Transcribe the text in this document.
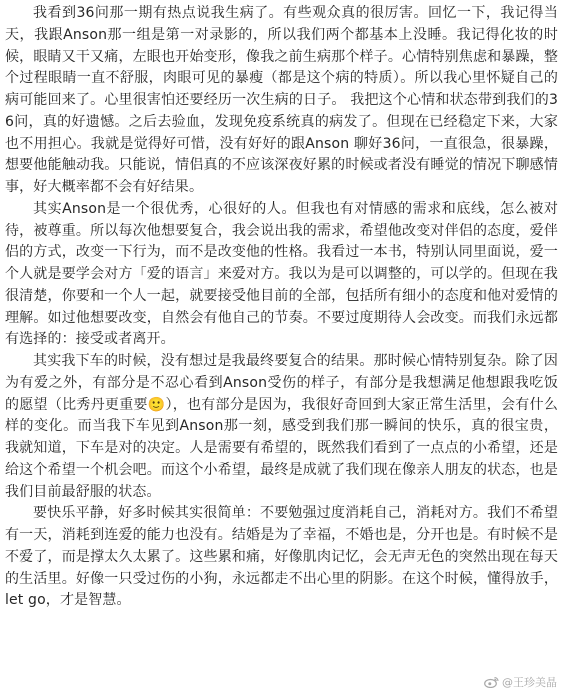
我看到36问那一期有热点说我生病了。有些观众真的很厉害。回忆一下，我记得当天，我跟Anson那一组是第一对录影的，所以我们两个都基本上没睡。我记得化妆的时候，眼睛又干又痛，左眼也开始变形，像我之前生病那个样子。心情特别焦虑和暴躁，整个过程眼睛一直不舒服，肉眼可见的暴瘦（都是这个病的特质）。所以我心里怀疑自己的病可能回来了。心里很害怕还要经历一次生病的日子。 我把这个心情和状态带到我们的36问，真的好遗憾。之后去验血，发现免疫系统真的病发了。但现在已经稳定下来，大家也不用担心。我就是觉得好可惜，没有好好的跟Anson 聊好36问，一直很急，很暴躁，想要他能触动我。只能说，情侣真的不应该深夜好累的时候或者没有睡觉的情况下聊感情事，好大概率都不会有好结果。

其实Anson是一个很优秀，心很好的人。但我也有对情感的需求和底线，怎么被对待，被尊重。所以每次他想要复合，我会说出我的需求，希望他改变对伴侣的态度，爱伴侣的方式，改变一下行为，而不是改变他的性格。我看过一本书，特别认同里面说，爱一个人就是要学会对方「爱的语言」来爱对方。我以为是可以调整的，可以学的。但现在我很清楚，你要和一个人一起，就要接受他目前的全部，包括所有细小的态度和他对爱情的理解。如过他想要改变，自然会有他自己的节奏。不要过度期待人会改变。而我们永远都有选择的：接受或者离开。

其实我下车的时候，没有想过是我最终要复合的结果。那时候心情特别复杂。除了因为有爱之外，有部分是不忍心看到Anson受伤的样子，有部分是我想满足他想跟我吃饭的愿望（比秀丹更重要🙂），也有部分是因为，我很好奇回到大家正常生活里，会有什么样的变化。而当我下车见到Anson那一刻，感受到我们那一瞬间的快乐，真的很宝贵，我就知道，下车是对的决定。人是需要有希望的，既然我们看到了一点点的小希望，还是给这个希望一个机会吧。而这个小希望，最终是成就了我们现在像亲人朋友的状态，也是我们目前最舒服的状态。

要快乐平静，好多时候其实很简单：不要勉强过度消耗自己，消耗对方。我们不希望有一天，消耗到连爱的能力也没有。结婚是为了幸福，不婚也是，分开也是。有时候不是不爱了，而是撑太久太累了。这些累和痛，好像肌肉记忆，会无声无色的突然出现在每天的生活里。好像一只受过伤的小狗，永远都走不出心里的阴影。在这个时候，懂得放手，let go，才是智慧。

@王珍美晶
